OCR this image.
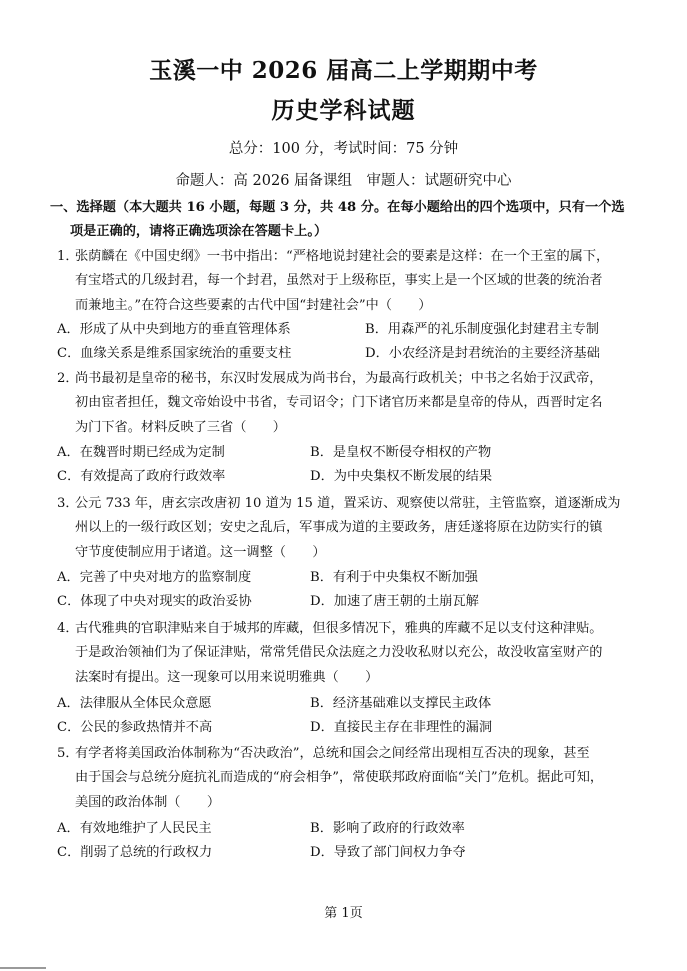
玉溪一中 2026 届高二上学期期中考
历史学科试题
总分：100 分，考试时间：75 分钟
命题人：高 2026 届备课组　审题人：试题研究中心
一、选择题（本大题共 16 小题，每题 3 分，共 48 分。在每小题给出的四个选项中，只有一个选
项是正确的，请将正确选项涂在答题卡上。）
1．张荫麟在《中国史纲》一书中指出：“严格地说封建社会的要素是这样：在一个王室的属下，
有宝塔式的几级封君，每一个封君，虽然对于上级称臣，事实上是一个区域的世袭的统治者
而兼地主。”在符合这些要素的古代中国“封建社会”中（　　）
A．形成了从中央到地方的垂直管理体系	B．用森严的礼乐制度强化封建君主专制
C．血缘关系是维系国家统治的重要支柱	D．小农经济是封君统治的主要经济基础
2．尚书最初是皇帝的秘书，东汉时发展成为尚书台，为最高行政机关；中书之名始于汉武帝，
初由宦者担任，魏文帝始设中书省，专司诏令；门下诸官历来都是皇帝的侍从，西晋时定名
为门下省。材料反映了三省（　　）
A．在魏晋时期已经成为定制	B．是皇权不断侵夺相权的产物
C．有效提高了政府行政效率	D．为中央集权不断发展的结果
3．公元 733 年，唐玄宗改唐初 10 道为 15 道，置采访、观察使以常驻，主管监察，道逐渐成为
州以上的一级行政区划；安史之乱后，军事成为道的主要政务，唐廷遂将原在边防实行的镇
守节度使制应用于诸道。这一调整（　　）
A．完善了中央对地方的监察制度	B．有利于中央集权不断加强
C．体现了中央对现实的政治妥协	D．加速了唐王朝的土崩瓦解
4．古代雅典的官职津贴来自于城邦的库藏，但很多情况下，雅典的库藏不足以支付这种津贴。
于是政治领袖们为了保证津贴，常常凭借民众法庭之力没收私财以充公，故没收富室财产的
法案时有提出。这一现象可以用来说明雅典（　　）
A．法律服从全体民众意愿	B．经济基础难以支撑民主政体
C．公民的参政热情并不高	D．直接民主存在非理性的漏洞
5．有学者将美国政治体制称为“否决政治”，总统和国会之间经常出现相互否决的现象，甚至
由于国会与总统分庭抗礼而造成的“府会相争”，常使联邦政府面临“关门”危机。据此可知，
美国的政治体制（　　）
A．有效地维护了人民民主	B．影响了政府的行政效率
C．削弱了总统的行政权力	D．导致了部门间权力争夺
第 1页
